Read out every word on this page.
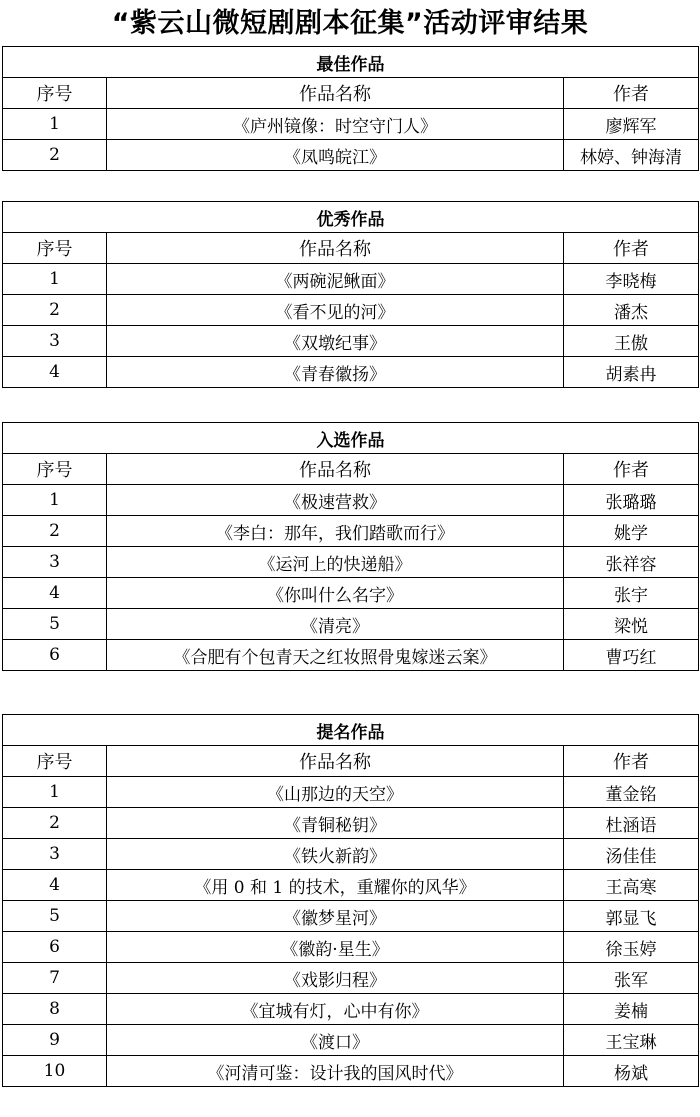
“紫云山微短剧剧本征集”活动评审结果
最佳作品		
序号	作品名称	作者
1	《庐州镜像：时空守门人》	廖辉军
2	《凤鸣皖江》	林婷、钟海清
优秀作品		
序号	作品名称	作者
1	《两碗泥鳅面》	李晓梅
2	《看不见的河》	潘杰
3	《双墩纪事》	王傲
4	《青春徽扬》	胡素冉
入选作品		
序号	作品名称	作者
1	《极速营救》	张璐璐
2	《李白：那年，我们踏歌而行》	姚学
3	《运河上的快递船》	张祥容
4	《你叫什么名字》	张宇
5	《清亮》	梁悦
6	《合肥有个包青天之红妆照骨鬼嫁迷云案》	曹巧红
提名作品		
序号	作品名称	作者
1	《山那边的天空》	董金铭
2	《青铜秘钥》	杜涵语
3	《铁火新韵》	汤佳佳
4	《用 0 和 1 的技术，重耀你的风华》	王高寒
5	《徽梦星河》	郭显飞
6	《徽韵·星生》	徐玉婷
7	《戏影归程》	张军
8	《宜城有灯，心中有你》	姜楠
9	《渡口》	王宝琳
10	《河清可鉴：设计我的国风时代》	杨斌
